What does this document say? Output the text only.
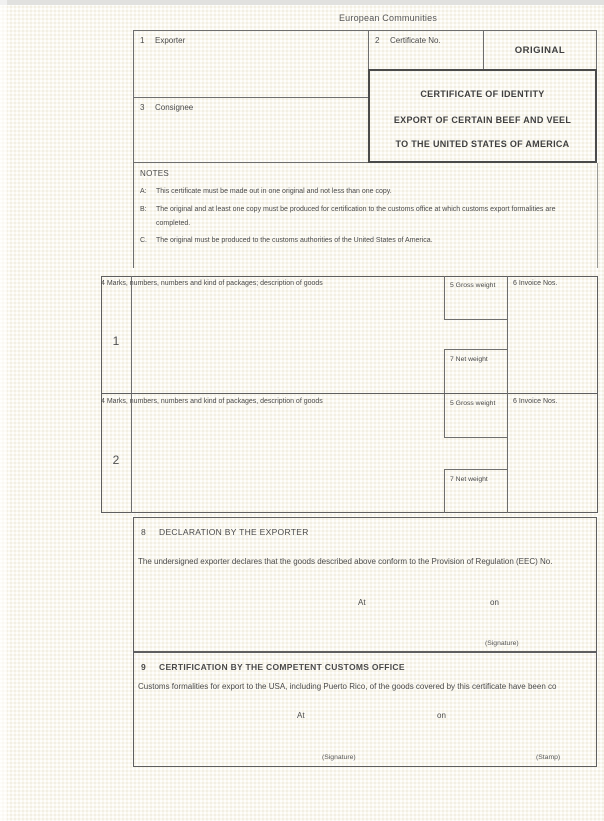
European Communities
1 Exporter
3 Consignee
2 Certificate No.
ORIGINAL
CERTIFICATE OF IDENTITY
EXPORT OF CERTAIN BEEF AND VEEL
TO THE UNITED STATES OF AMERICA
NOTES
A: This certificate must be made out in one original and not less than one copy.
B: The original and at least one copy must be produced for certification to the customs office at which customs export formalities are
completed.
C. The original must be produced to the customs authorities of the United States of America.
1
4 Marks, numbers, numbers and kind of packages; description of goods	5 Gross weight	6 Invoice Nos.
7 Net weight
2
4 Marks, numbers, numbers and kind of packages, description of goods	5 Gross weight	6 Invoice Nos.
7 Net weight
8 DECLARATION BY THE EXPORTER
The undersigned exporter declares that the goods described above conform to the Provision of Regulation (EEC) No.
At	on
(Signature)
9 CERTIFICATION BY THE COMPETENT CUSTOMS OFFICE
Customs formalities for export to the USA, including Puerto Rico, of the goods covered by this certificate have been co
At	on
(Signature)	(Stamp)
